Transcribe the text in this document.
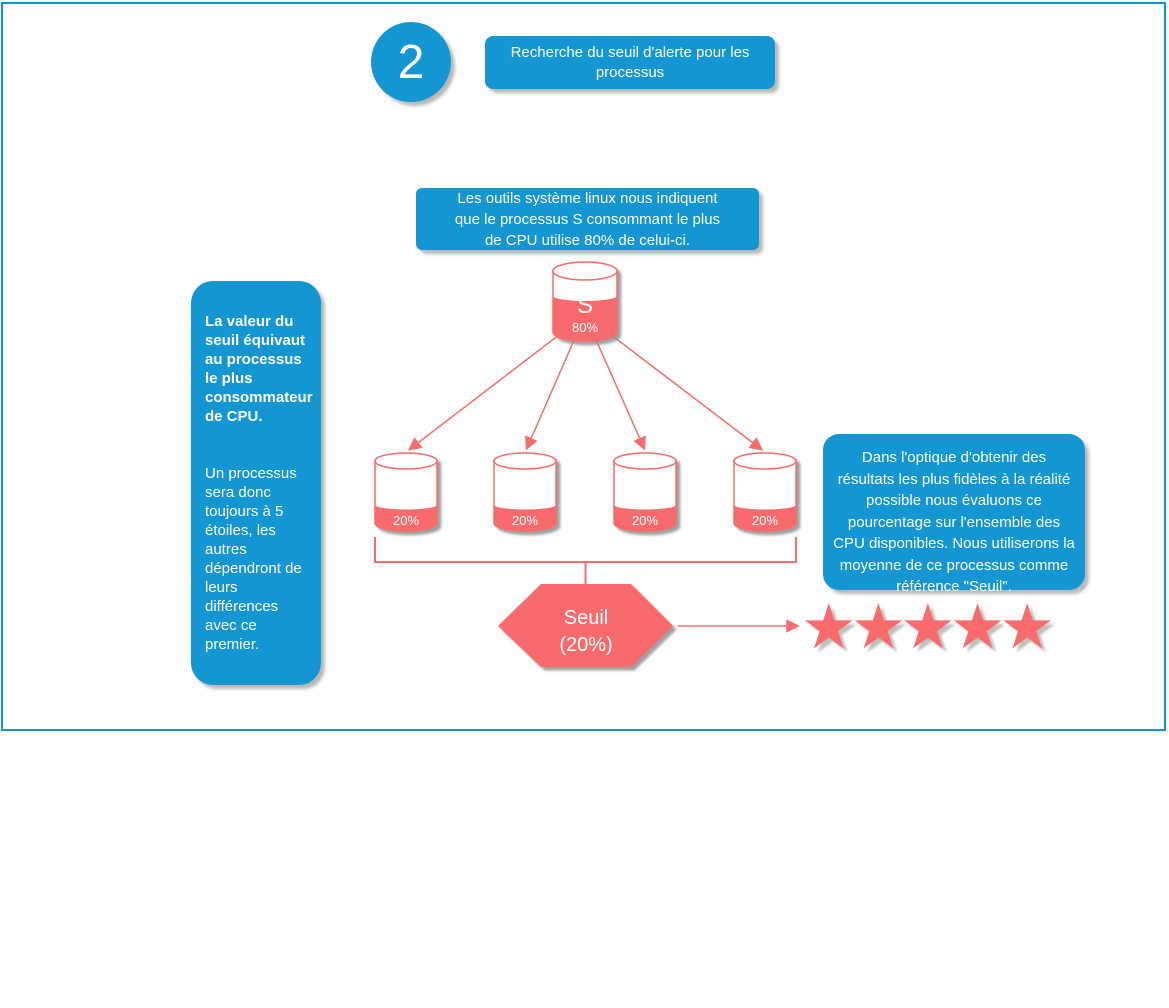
2	Recherche du seuil d'alerte pour les processus
Les outils système linux nous indiquent que le processus S consommant le plus de CPU utilise 80% de celui-ci.

La valeur du seuil équivaut au processus le plus consommateur de CPU.

Un processus sera donc toujours à 5 étoiles, les autres dépendront de leurs différences avec ce premier.

Dans l'optique d'obtenir des résultats les plus fidèles à la réalité possible nous évaluons ce pourcentage sur l'ensemble des CPU disponibles. Nous utiliserons la moyenne de ce processus comme référence "Seuil".
S
80%
20%	20%	20%	20%
Seuil
(20%)	★★★★★
